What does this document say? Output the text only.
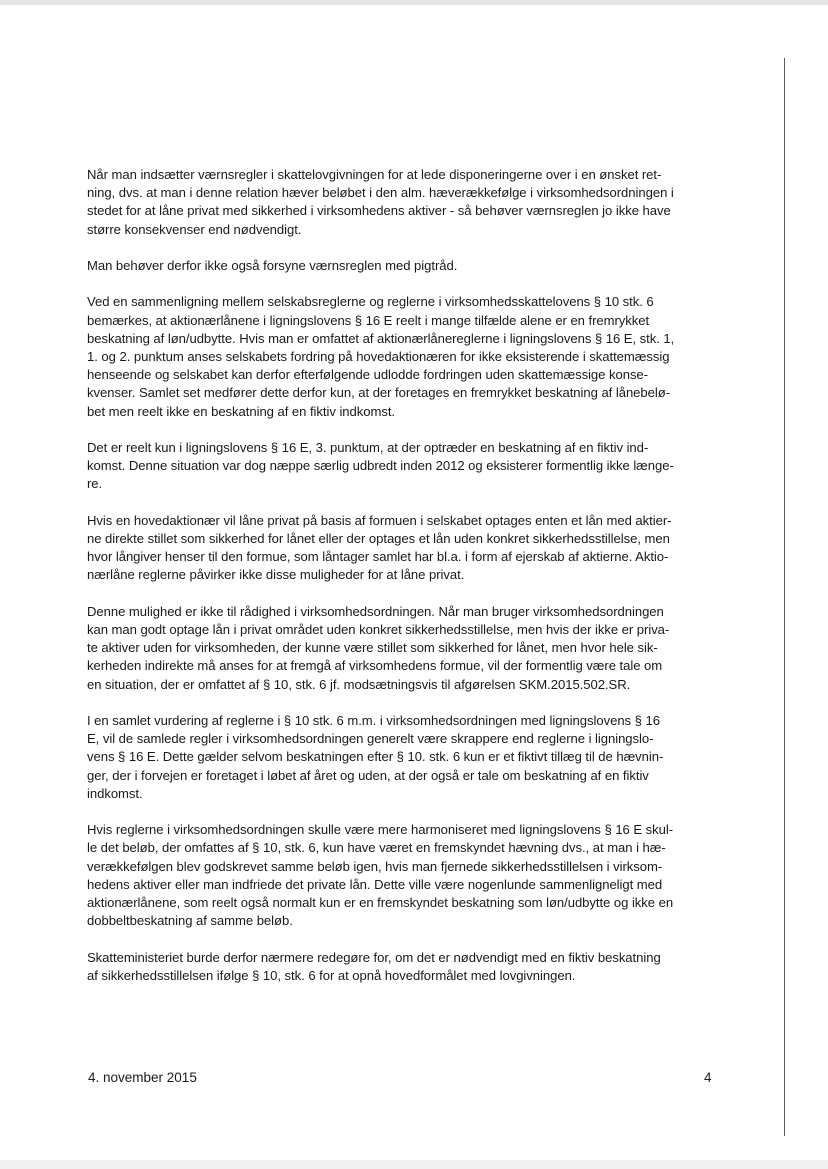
Når man indsætter værnsregler i skattelovgivningen for at lede disponeringerne over i en ønsket ret-
ning, dvs. at man i denne relation hæver beløbet i den alm. hæverækkefølge i virksomhedsordningen i
stedet for at låne privat med sikkerhed i virksomhedens aktiver - så behøver værnsreglen jo ikke have
større konsekvenser end nødvendigt.

Man behøver derfor ikke også forsyne værnsreglen med pigtråd.

Ved en sammenligning mellem selskabsreglerne og reglerne i virksomhedsskattelovens § 10 stk. 6
bemærkes, at aktionærlånene i ligningslovens § 16 E reelt i mange tilfælde alene er en fremrykket
beskatning af løn/udbytte. Hvis man er omfattet af aktionærlånereglerne i ligningslovens § 16 E, stk. 1,
1. og 2. punktum anses selskabets fordring på hovedaktionæren for ikke eksisterende i skattemæssig
henseende og selskabet kan derfor efterfølgende udlodde fordringen uden skattemæssige konse-
kvenser. Samlet set medfører dette derfor kun, at der foretages en fremrykket beskatning af lånebelø-
bet men reelt ikke en beskatning af en fiktiv indkomst.

Det er reelt kun i ligningslovens § 16 E, 3. punktum, at der optræder en beskatning af en fiktiv ind-
komst. Denne situation var dog næppe særlig udbredt inden 2012 og eksisterer formentlig ikke længe-
re.

Hvis en hovedaktionær vil låne privat på basis af formuen i selskabet optages enten et lån med aktier-
ne direkte stillet som sikkerhed for lånet eller der optages et lån uden konkret sikkerhedsstillelse, men
hvor långiver henser til den formue, som låntager samlet har bl.a. i form af ejerskab af aktierne. Aktio-
nærlåne reglerne påvirker ikke disse muligheder for at låne privat.

Denne mulighed er ikke til rådighed i virksomhedsordningen. Når man bruger virksomhedsordningen
kan man godt optage lån i privat området uden konkret sikkerhedsstillelse, men hvis der ikke er priva-
te aktiver uden for virksomheden, der kunne være stillet som sikkerhed for lånet, men hvor hele sik-
kerheden indirekte må anses for at fremgå af virksomhedens formue, vil der formentlig være tale om
en situation, der er omfattet af § 10, stk. 6 jf. modsætningsvis til afgørelsen SKM.2015.502.SR.

I en samlet vurdering af reglerne i § 10 stk. 6 m.m. i virksomhedsordningen med ligningslovens § 16
E, vil de samlede regler i virksomhedsordningen generelt være skrappere end reglerne i ligningslo-
vens § 16 E. Dette gælder selvom beskatningen efter § 10. stk. 6 kun er et fiktivt tillæg til de hævnin-
ger, der i forvejen er foretaget i løbet af året og uden, at der også er tale om beskatning af en fiktiv
indkomst.

Hvis reglerne i virksomhedsordningen skulle være mere harmoniseret med ligningslovens § 16 E skul-
le det beløb, der omfattes af § 10, stk. 6, kun have været en fremskyndet hævning dvs., at man i hæ-
verækkefølgen blev godskrevet samme beløb igen, hvis man fjernede sikkerhedsstillelsen i virksom-
hedens aktiver eller man indfriede det private lån. Dette ville være nogenlunde sammenligneligt med
aktionærlånene, som reelt også normalt kun er en fremskyndet beskatning som løn/udbytte og ikke en
dobbeltbeskatning af samme beløb.

Skatteministeriet burde derfor nærmere redegøre for, om det er nødvendigt med en fiktiv beskatning
af sikkerhedsstillelsen ifølge § 10, stk. 6 for at opnå hovedformålet med lovgivningen.

4. november 2015	4
